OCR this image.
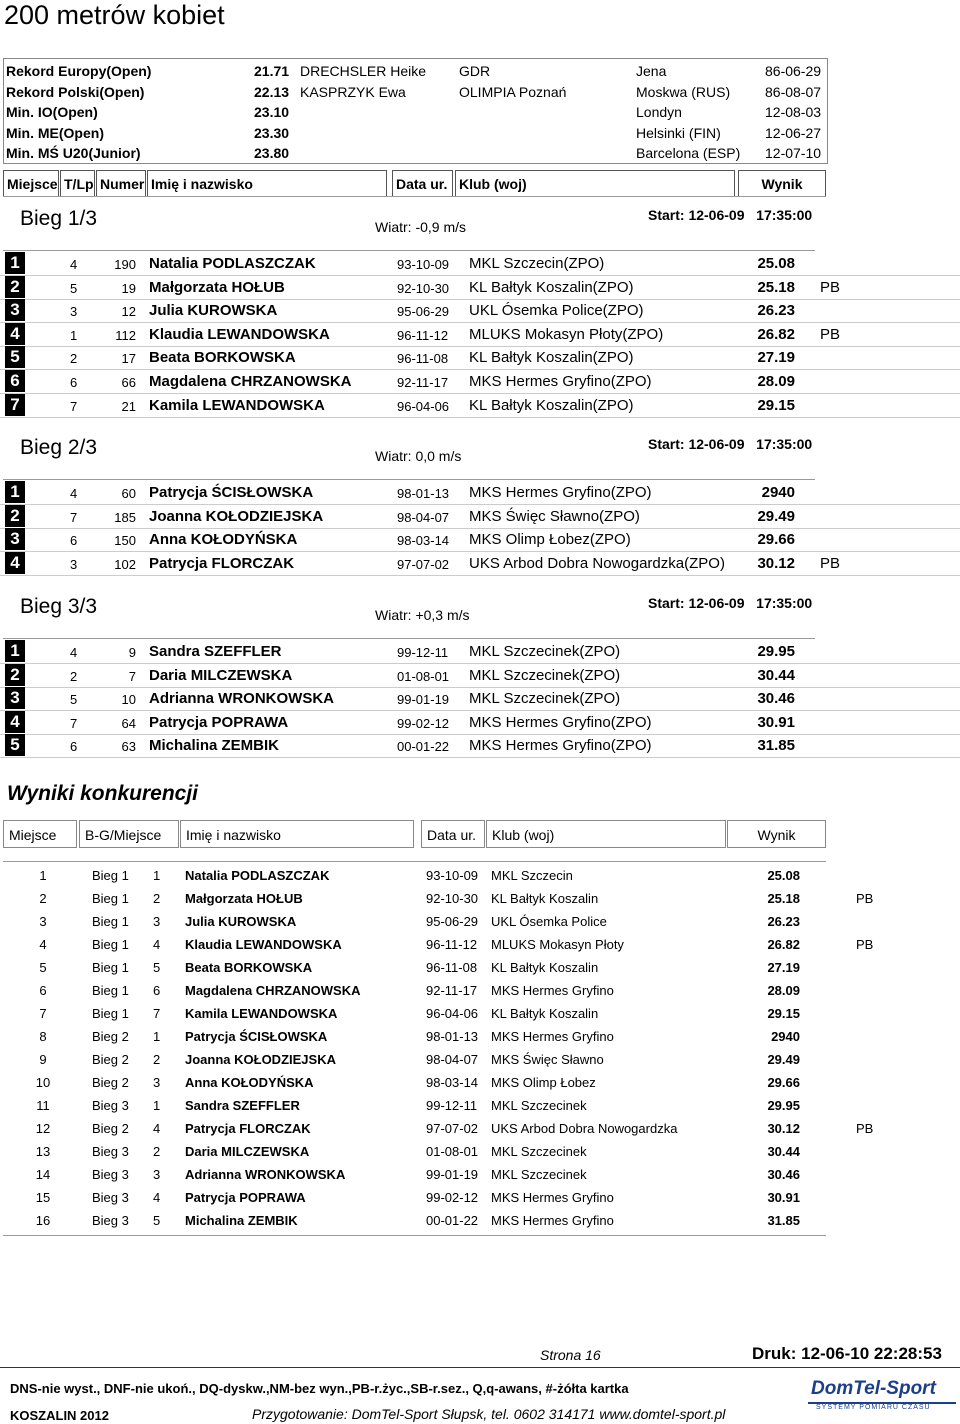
200 metrów kobiet
Rekord Europy(Open)	21.71 DRECHSLER Heike GDR	Jena	86-06-29
Rekord Polski(Open)	22.13 KASPRZYK Ewa	OLIMPIA Poznań	Moskwa (RUS) 86-08-07
Min. IO(Open)	23.10	Londyn	12-08-03
Min. ME(Open)	23.30	Helsinki (FIN)	12-06-27
Min. MŚ U20(Junior)	23.80	Barcelona (ESP) 12-07-10
Miejsce T/Lp Numer Imię i nazwisko	Data ur. Klub (woj)	Wynik
Bieg 1/3	Wiatr: -0,9 m/s
Start: 12-06-09   17:35:00
1	4	190 Natalia PODLASZCZAK	93-10-09 MKL Szczecin(ZPO)	25.08
2	5	19 Małgorzata HOŁUB	92-10-30 KL Bałtyk Koszalin(ZPO)	25.18 PB
3	3	12 Julia KUROWSKA	95-06-29 UKL Ósemka Police(ZPO)	26.23
4	1	112 Klaudia LEWANDOWSKA	96-11-12 MLUKS Mokasyn Płoty(ZPO)	26.82 PB
5	2	17 Beata BORKOWSKA	96-11-08 KL Bałtyk Koszalin(ZPO)	27.19
6	6	66 Magdalena CHRZANOWSKA	92-11-17 MKS Hermes Gryfino(ZPO)	28.09
7	7	21 Kamila LEWANDOWSKA	96-04-06 KL Bałtyk Koszalin(ZPO)	29.15
Bieg 2/3	Wiatr: 0,0 m/s
Start: 12-06-09   17:35:00
1	4	60 Patrycja ŚCISŁOWSKA	98-01-13 MKS Hermes Gryfino(ZPO)	2940
2	7	185 Joanna KOŁODZIEJSKA	98-04-07 MKS Święc Sławno(ZPO)	29.49
3	6	150 Anna KOŁODYŃSKA	98-03-14 MKS Olimp Łobez(ZPO)	29.66
4	3	102 Patrycja FLORCZAK	97-07-02 UKS Arbod Dobra Nowogardzka(ZPO)	30.12 PB
Bieg 3/3	Wiatr: +0,3 m/s
Start: 12-06-09   17:35:00
1	4	9 Sandra SZEFFLER	99-12-11 MKL Szczecinek(ZPO)	29.95
2	2	7 Daria MILCZEWSKA	01-08-01 MKL Szczecinek(ZPO)	30.44
3	5	10 Adrianna WRONKOWSKA	99-01-19 MKL Szczecinek(ZPO)	30.46
4	7	64 Patrycja POPRAWA	99-02-12 MKS Hermes Gryfino(ZPO)	30.91
5	6	63 Michalina ZEMBIK	00-01-22 MKS Hermes Gryfino(ZPO)	31.85
Wyniki konkurencji
Miejsce	B-G/Miejsce	Imię i nazwisko	Data ur.	Klub (woj)	Wynik
1	Bieg 1 1 Natalia PODLASZCZAK	93-10-09 MKL Szczecin	25.08
2	Bieg 1 2 Małgorzata HOŁUB	92-10-30 KL Bałtyk Koszalin	25.18	PB
3	Bieg 1 3 Julia KUROWSKA	95-06-29 UKL Ósemka Police	26.23
4	Bieg 1 4 Klaudia LEWANDOWSKA	96-11-12 MLUKS Mokasyn Płoty	26.82	PB
5	Bieg 1 5 Beata BORKOWSKA	96-11-08 KL Bałtyk Koszalin	27.19
6	Bieg 1 6 Magdalena CHRZANOWSKA	92-11-17 MKS Hermes Gryfino	28.09
7	Bieg 1 7 Kamila LEWANDOWSKA	96-04-06 KL Bałtyk Koszalin	29.15
8	Bieg 2 1 Patrycja ŚCISŁOWSKA	98-01-13 MKS Hermes Gryfino	2940
9	Bieg 2 2 Joanna KOŁODZIEJSKA	98-04-07 MKS Święc Sławno	29.49
10	Bieg 2 3 Anna KOŁODYŃSKA	98-03-14 MKS Olimp Łobez	29.66
11	Bieg 3 1 Sandra SZEFFLER	99-12-11 MKL Szczecinek	29.95
12	Bieg 2 4 Patrycja FLORCZAK	97-07-02 UKS Arbod Dobra Nowogardzka	30.12	PB
13	Bieg 3 2 Daria MILCZEWSKA	01-08-01 MKL Szczecinek	30.44
14	Bieg 3 3 Adrianna WRONKOWSKA	99-01-19 MKL Szczecinek	30.46
15	Bieg 3 4 Patrycja POPRAWA	99-02-12 MKS Hermes Gryfino	30.91
16	Bieg 3 5 Michalina ZEMBIK	00-01-22 MKS Hermes Gryfino	31.85
Strona 16	Druk: 12-06-10 22:28:53
DNS-nie wyst., DNF-nie ukoń., DQ-dyskw.,NM-bez wyn.,PB-r.życ.,SB-r.sez., Q,q-awans, #-żółta kartka
KOSZALIN 2012	Przygotowanie: DomTel-Sport Słupsk, tel. 0602 314171 www.domtel-sport.pl
DomTel-Sport
SYSTEMY POMIARU CZASU
